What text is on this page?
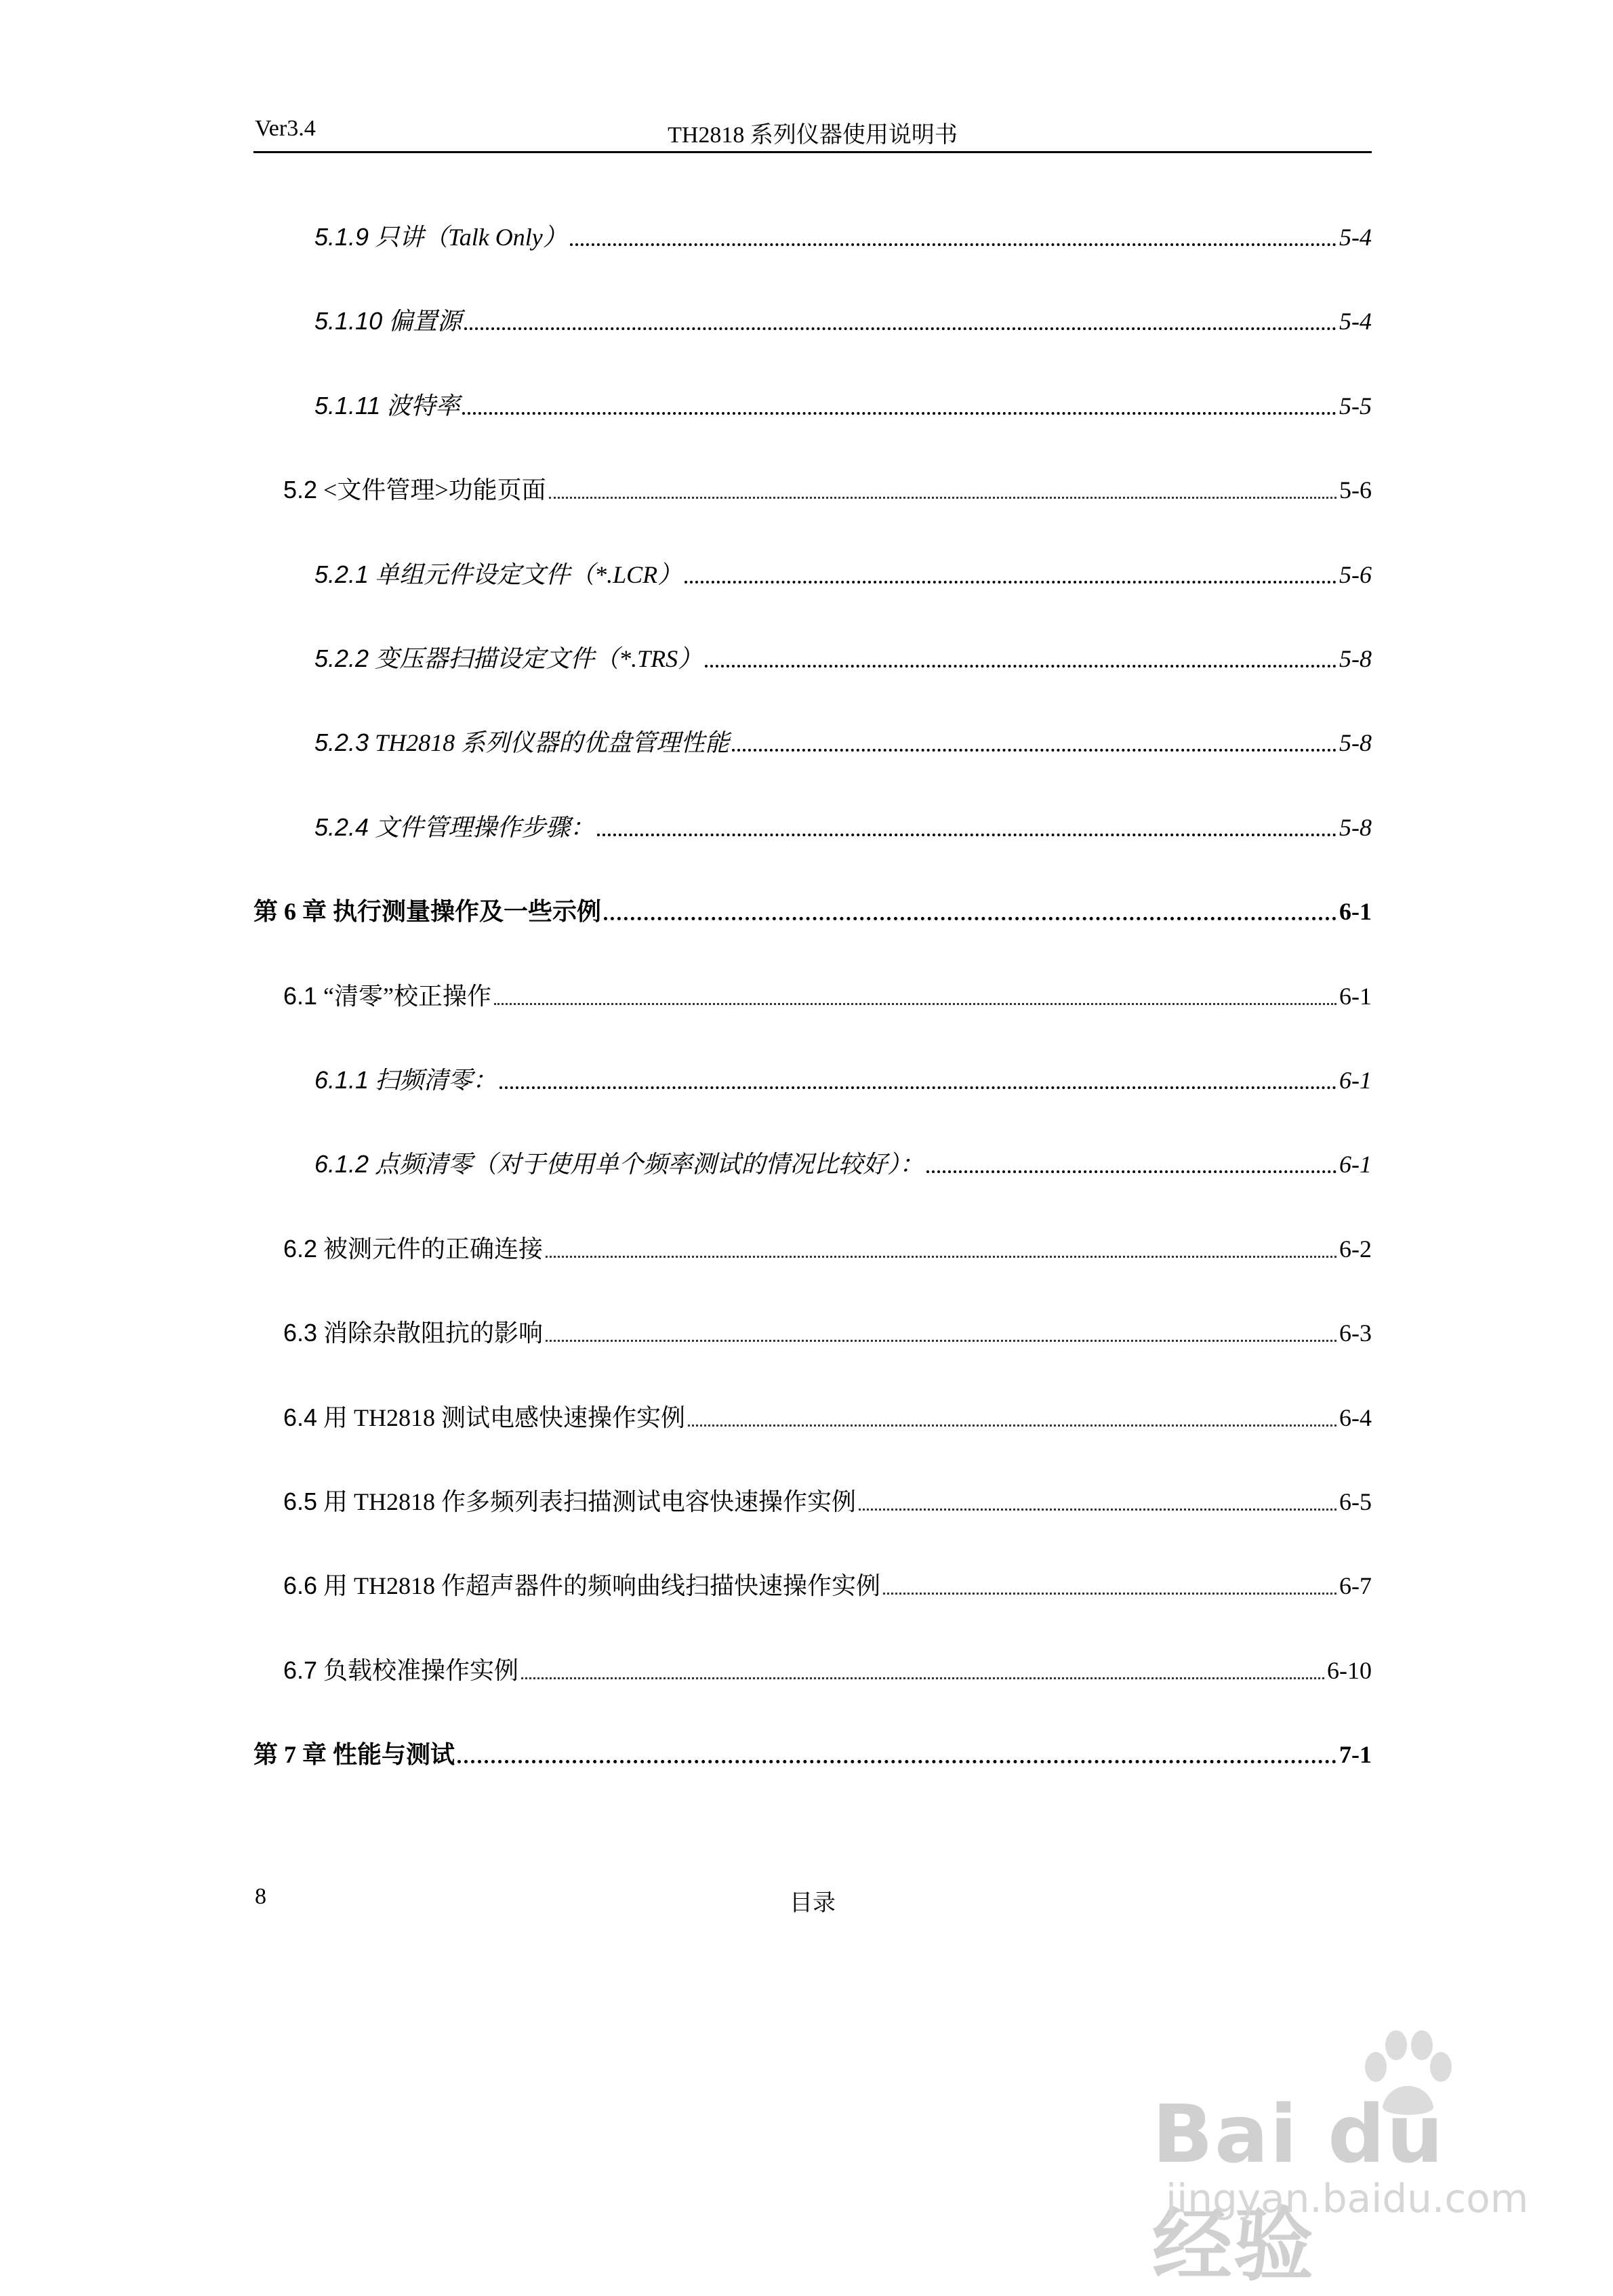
Ver3.4	TH2818 系列仪器使用说明书
5.1.9 只讲（Talk Only）	5-4
5.1.10 偏置源	5-4
5.1.11 波特率	5-5
5.2 <文件管理>功能页面	5-6
5.2.1 单组元件设定文件（*.LCR）	5-6
5.2.2 变压器扫描设定文件（*.TRS）	5-8
5.2.3 TH2818 系列仪器的优盘管理性能	5-8
5.2.4 文件管理操作步骤：	5-8
第 6 章 执行测量操作及一些示例	6-1
6.1 “清零”校正操作	6-1
6.1.1 扫频清零：	6-1
6.1.2 点频清零（对于使用单个频率测试的情况比较好）：	6-1
6.2 被测元件的正确连接	6-2
6.3 消除杂散阻抗的影响	6-3
6.4 用 TH2818 测试电感快速操作实例	6-4
6.5 用 TH2818 作多频列表扫描测试电容快速操作实例	6-5
6.6 用 TH2818 作超声器件的频响曲线扫描快速操作实例	6-7
6.7 负载校准操作实例	6-10
第 7 章 性能与测试	7-1
8	目录
Bai du 经验
jingyan.baidu.com
